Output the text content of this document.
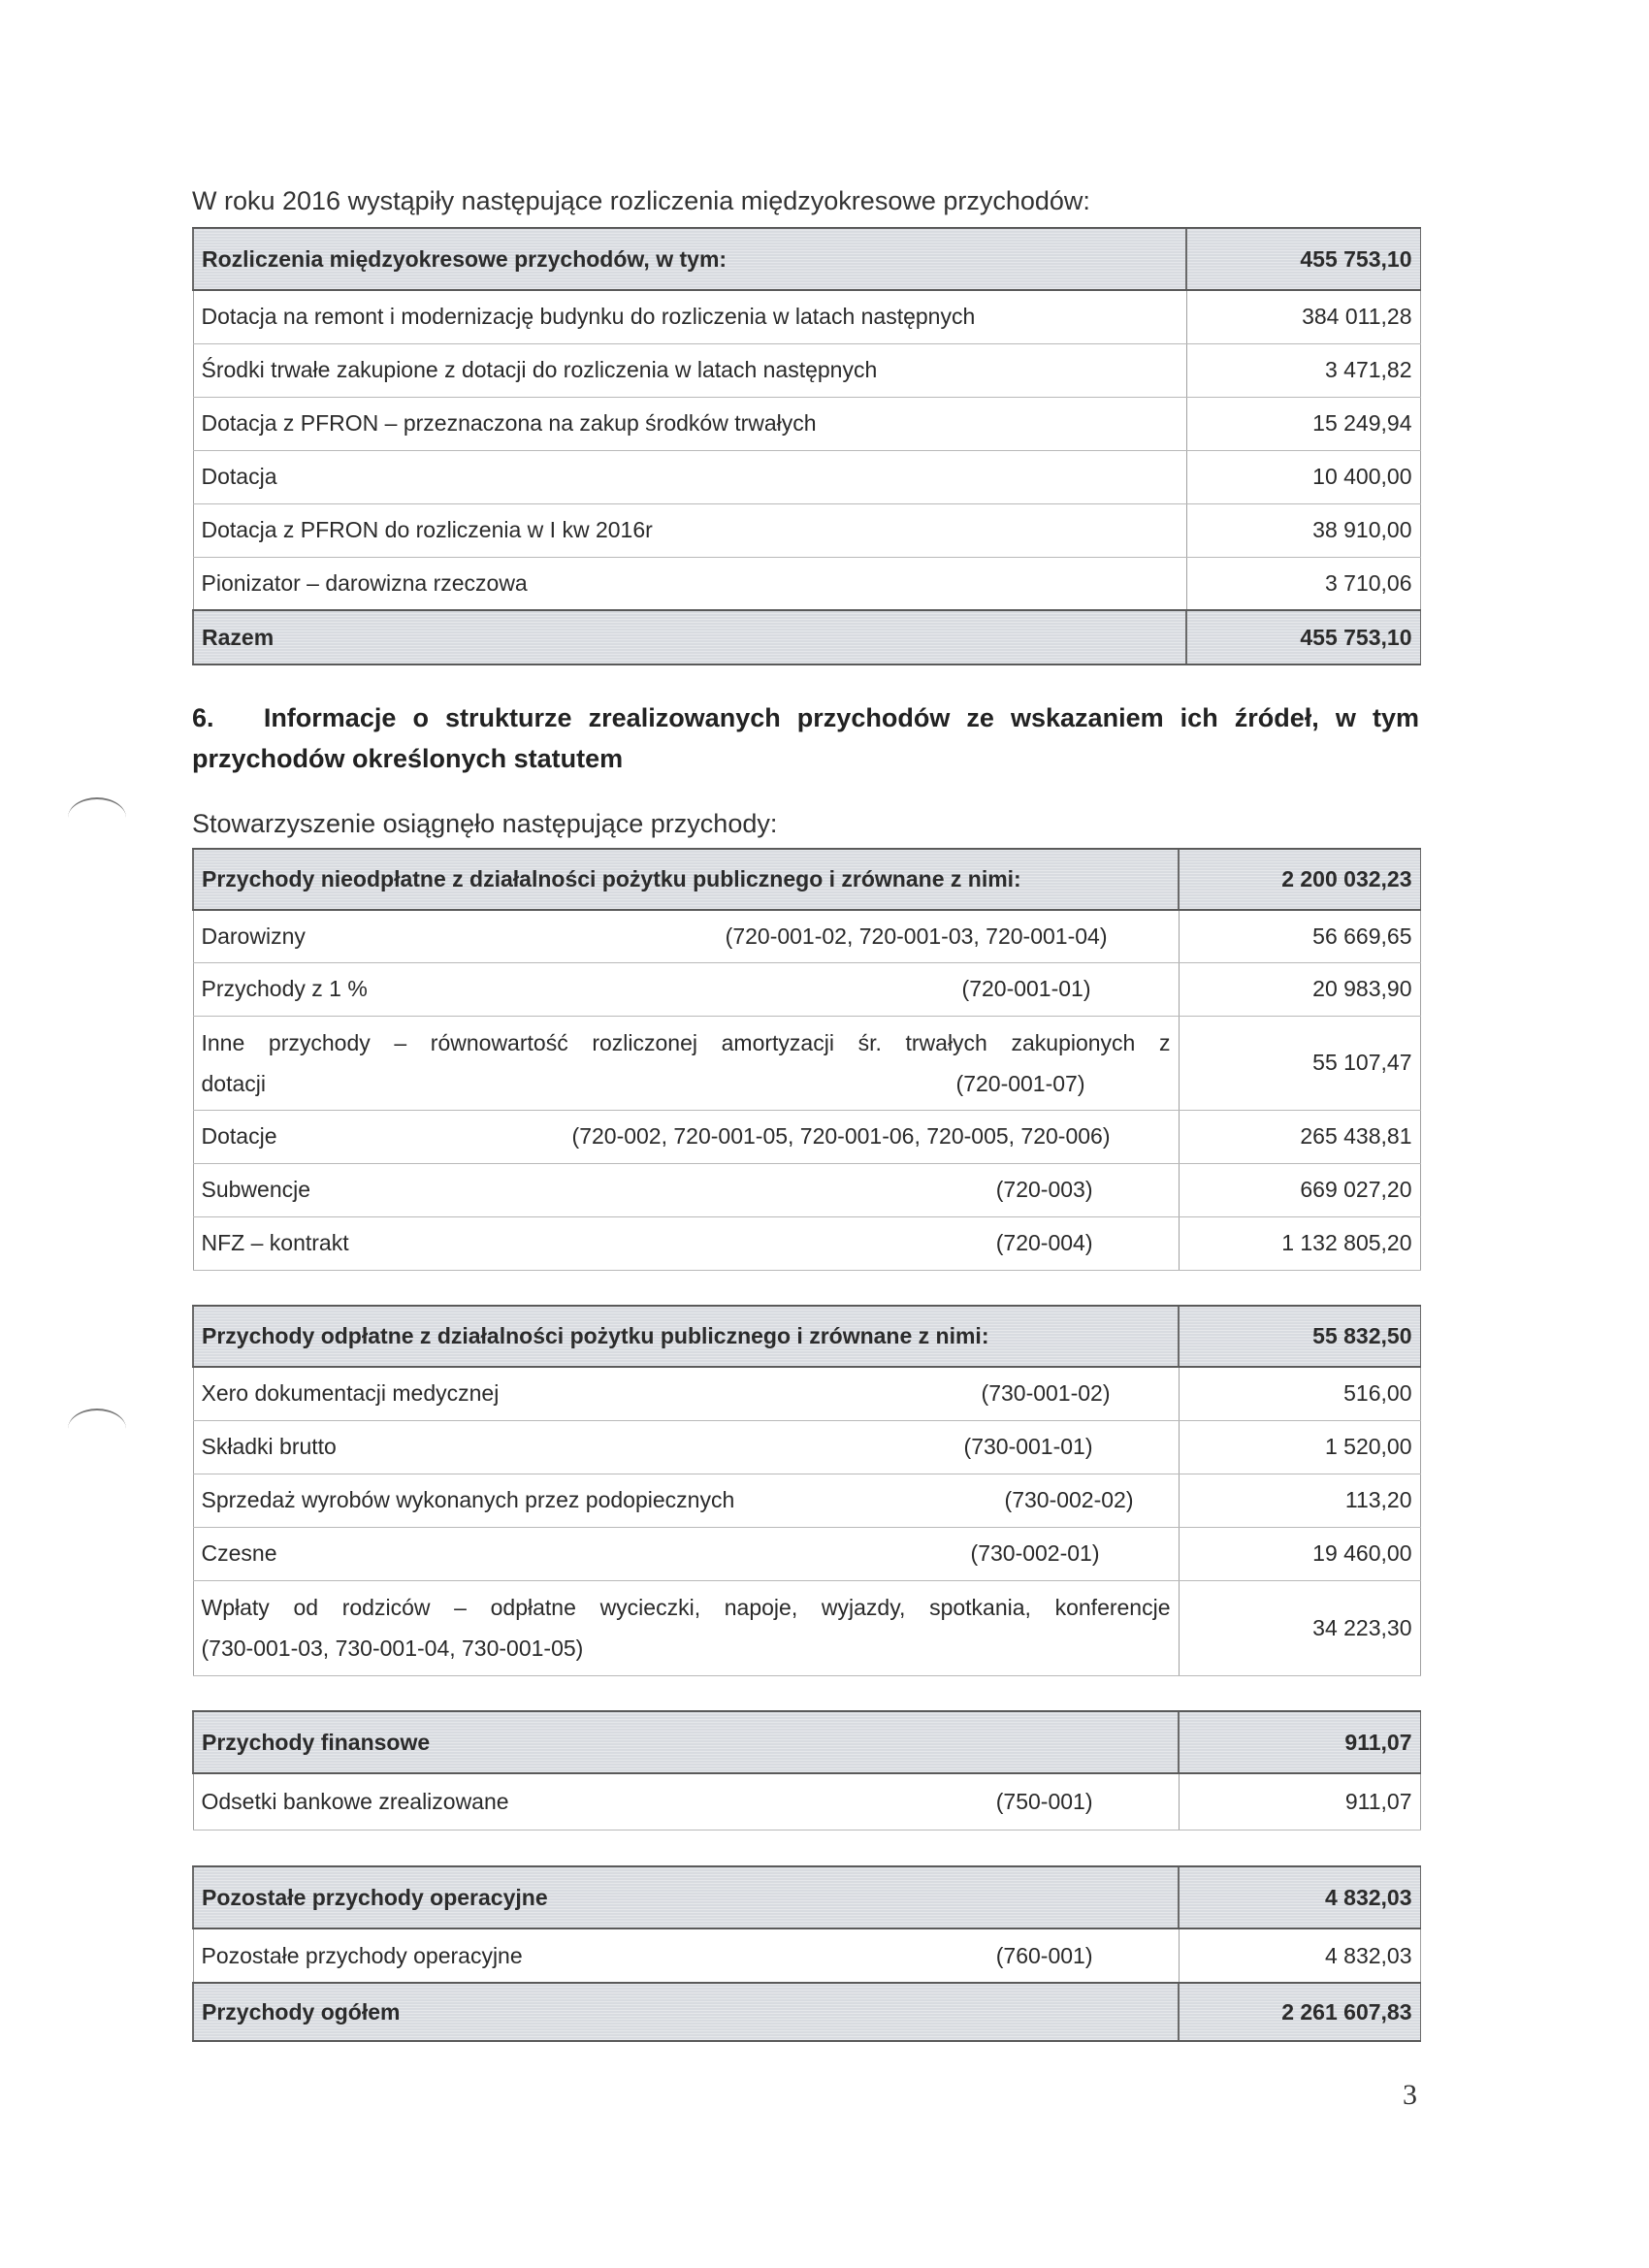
W roku 2016 wystąpiły następujące rozliczenia międzyokresowe przychodów:
Rozliczenia międzyokresowe przychodów, w tym:	455 753,10
Dotacja na remont i modernizację budynku do rozliczenia w latach następnych	384 011,28
Środki trwałe zakupione z dotacji do rozliczenia w latach następnych	3 471,82
Dotacja z PFRON – przeznaczona na zakup środków trwałych	15 249,94
Dotacja	10 400,00
Dotacja z PFRON do rozliczenia w I kw 2016r	38 910,00
Pionizator – darowizna rzeczowa	3 710,06
Razem	455 753,10
6. Informacje o strukturze zrealizowanych przychodów ze wskazaniem ich źródeł, w tym przychodów określonych statutem
Stowarzyszenie osiągnęło następujące przychody:
Przychody nieodpłatne z działalności pożytku publicznego i zrównane z nimi:	2 200 032,23

Darowizny (720-001-02, 720-001-03, 720-001-04)	56 669,65

Przychody z 1 % (720-001-01)	20 983,90

Inne przychody – równowartość rozliczonej amortyzacji śr. trwałych zakupionych z
dotacji (720-001-07)	55 107,47

Dotacje (720-002, 720-001-05, 720-001-06, 720-005, 720-006)	265 438,81

Subwencje (720-003)	669 027,20

NFZ – kontrakt (720-004)	1 132 805,20
Przychody odpłatne z działalności pożytku publicznego i zrównane z nimi:	55 832,50

Xero dokumentacji medycznej (730-001-02)	516,00

Składki brutto (730-001-01)	1 520,00

Sprzedaż wyrobów wykonanych przez podopiecznych (730-002-02)	113,20

Czesne (730-002-01)	19 460,00

Wpłaty od rodziców – odpłatne wycieczki, napoje, wyjazdy, spotkania, konferencje
(730-001-03, 730-001-04, 730-001-05)	34 223,30
Przychody finansowe	911,07

Odsetki bankowe zrealizowane (750-001)	911,07
Pozostałe przychody operacyjne	4 832,03

Pozostałe przychody operacyjne (760-001)	4 832,03
Przychody ogółem	2 261 607,83
3
